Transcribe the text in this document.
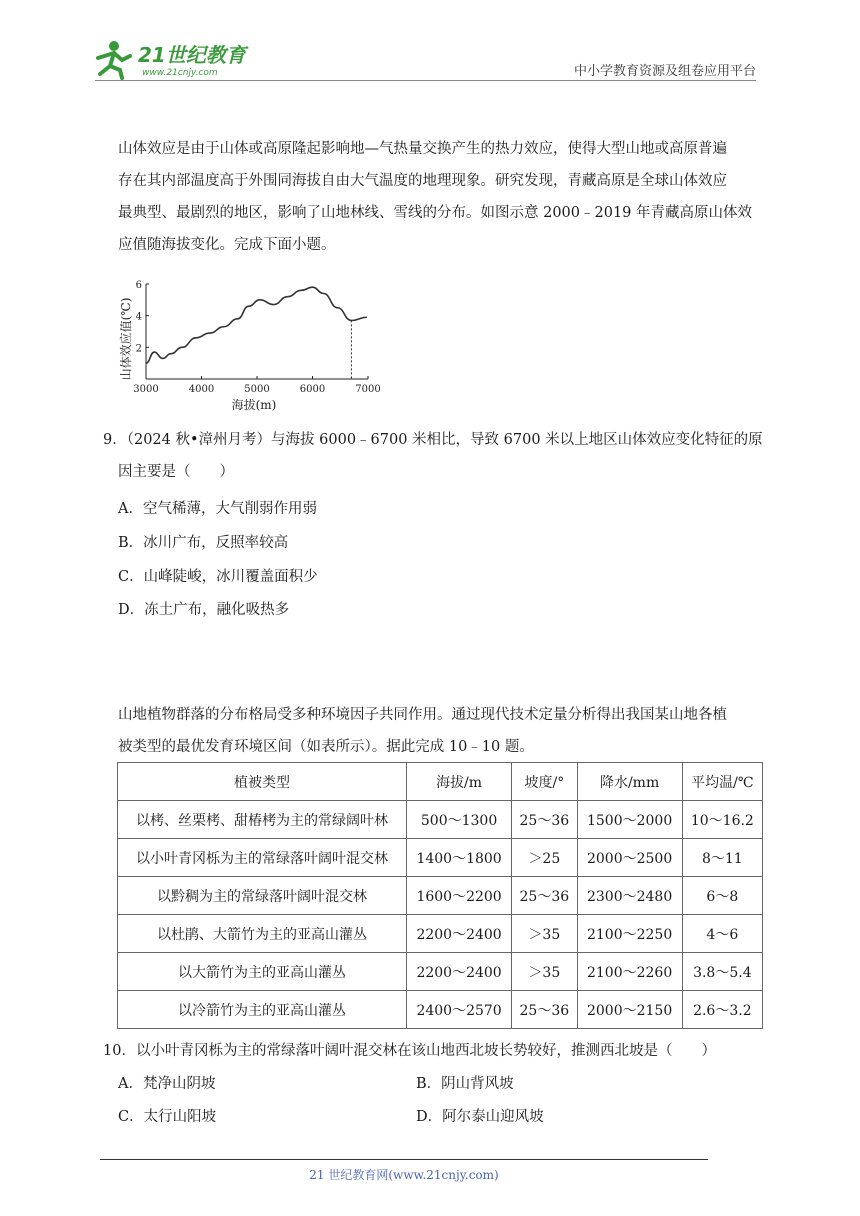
21世纪教育
www.21cnjy.com	中小学教育资源及组卷应用平台

山体效应是由于山体或高原隆起影响地—气热量交换产生的热力效应，使得大型山地或高原普遍
存在其内部温度高于外围同海拔自由大气温度的地理现象。研究发现，青藏高原是全球山体效应
最典型、最剧烈的地区，影响了山地林线、雪线的分布。如图示意 2000﹣2019 年青藏高原山体效
应值随海拔变化。完成下面小题。

山体效应值(℃)
海拔(m)
3000	4000	5000	6000	7000
2
4
6

9．（2024 秋•漳州月考）与海拔 6000﹣6700 米相比，导致 6700 米以上地区山体效应变化特征的原
因主要是（　　）

A．空气稀薄，大气削弱作用弱
B．冰川广布，反照率较高
C．山峰陡峻，冰川覆盖面积少
D．冻土广布，融化吸热多

山地植物群落的分布格局受多种环境因子共同作用。通过现代技术定量分析得出我国某山地各植
被类型的最优发育环境区间（如表所示）。据此完成 10﹣10 题。

植被类型	海拔/m	坡度/°	降水/mm	平均温/℃
以栲、丝栗栲、甜椿栲为主的常绿阔叶林	500～1300	25～36	1500～2000	10～16.2
以小叶青冈栎为主的常绿落叶阔叶混交林	1400～1800	＞25	2000～2500	8～11
以黔稠为主的常绿落叶阔叶混交林	1600～2200	25～36	2300～2480	6～8
以杜鹃、大箭竹为主的亚高山灌丛	2200～2400	＞35	2100～2250	4～6
以大箭竹为主的亚高山灌丛	2200～2400	＞35	2100～2260	3.8～5.4
以冷箭竹为主的亚高山灌丛	2400～2570	25～36	2000～2150	2.6～3.2

10．以小叶青冈栎为主的常绿落叶阔叶混交林在该山地西北坡长势较好，推测西北坡是（　　）

A．梵净山阴坡	B．阴山背风坡
C．太行山阳坡	D．阿尔泰山迎风坡
21 世纪教育网(www.21cnjy.com)
